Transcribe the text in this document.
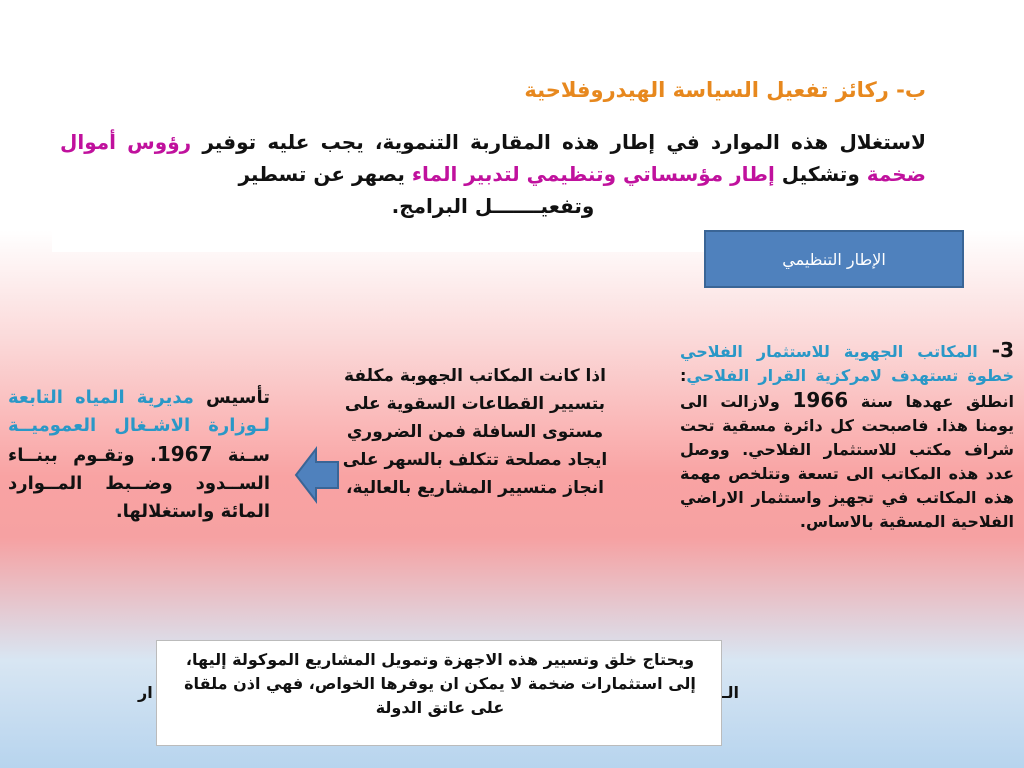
ب- ركائز تفعيل السياسة الهيدروفلاحية
لاستغلال هذه الموارد في إطار هذه المقاربة التنموية، يجب عليه توفير رؤوس أموال ضخمة وتشكيل إطار مؤسساتي وتنظيمي لتدبير الماء يصهر عن تسطير
وتفعيـــــــل البرامج.
الإطار التنظيمي
3- المكاتب الجهوية للاستثمار الفلاحي خطوة تستهدف لامركزية القرار الفلاحي: انطلق عهدها سنة 1966 ولازالت الى يومنا هذا. فاصبحت كل دائرة مسقية تحت شراف مكتب للاستثمار الفلاحي. ووصل عدد هذه المكاتب الى تسعة وتتلخص مهمة هذه المكاتب في تجهيز واستثمار الاراضي الفلاحية المسقية بالاساس.
اذا كانت المكاتب الجهوبة مكلفة بتسيير القطاعات السقوية على مستوى السافلة فمن الضروري ايجاد مصلحة تتكلف بالسهر على انجاز متسيير المشاريع بالعالية،
تأسيس مديرية المياه التابعة لـوزارة الاشـغال العموميــة سـنة 1967. وتقـوم ببنــاء الســدود وضــبط المــوارد المائة واستغلالها.
ار	الـ
ويحتاج خلق وتسيير هذه الاجهزة وتمويل المشاريع الموكولة إليها، إلى استثمارات ضخمة لا يمكن ان يوفرها الخواص، فهي اذن ملقاة على عاتق الدولة
